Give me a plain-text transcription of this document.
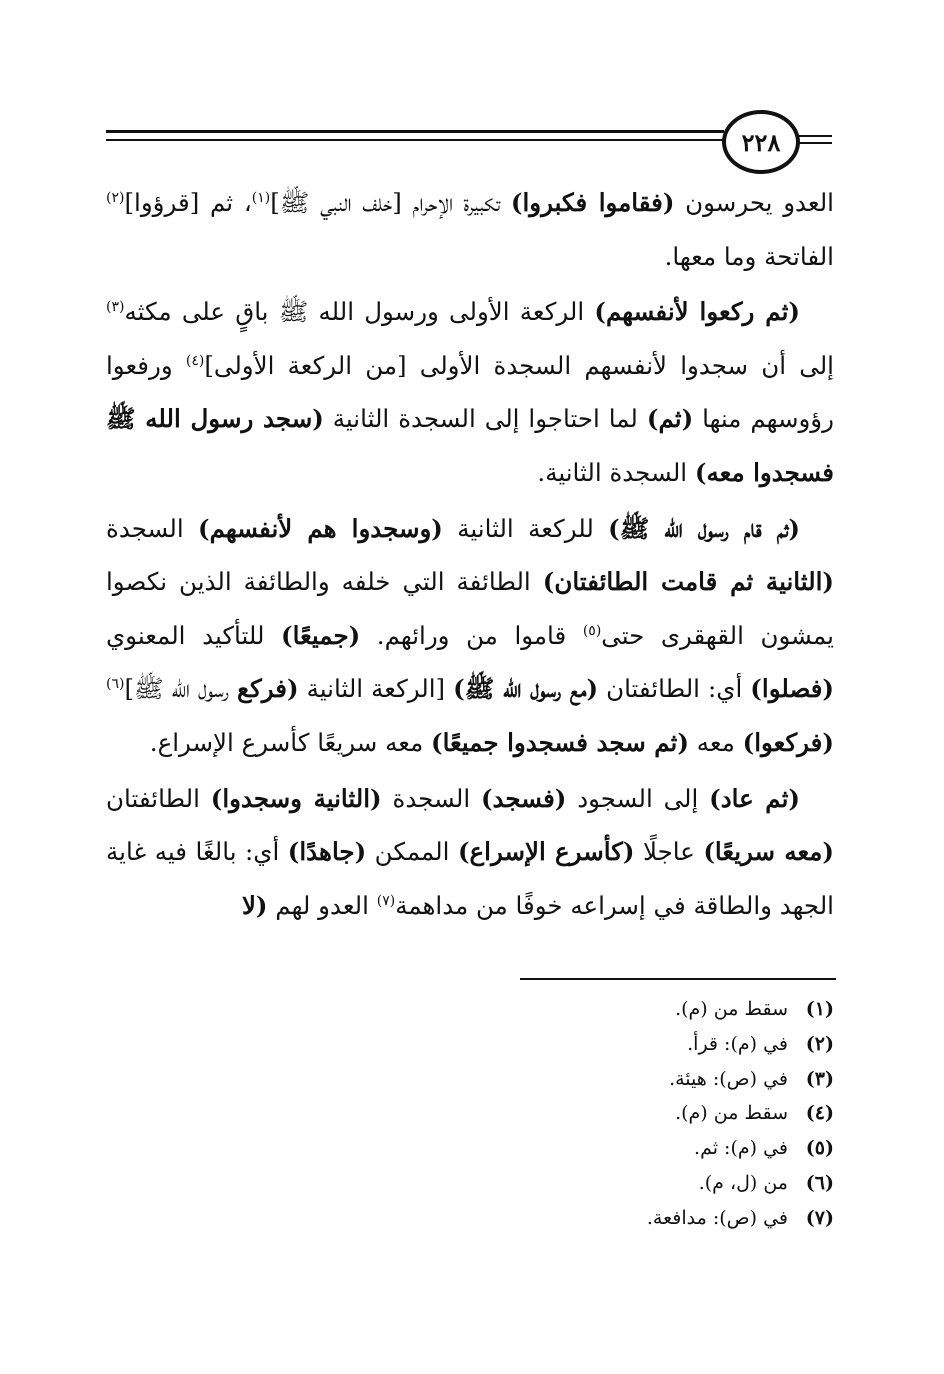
٢٢٨

العدو يحرسون (فقاموا فكبروا) تكبيرة الإحرام [خلف النبي ﷺ]$^{(١)}$، ثم [قرؤوا]$^{(٢)}$ الفاتحة وما معها.

(ثم ركعوا لأنفسهم) الركعة الأولى ورسول الله ﷺ باقٍ على مكثه$^{(٣)}$ إلى أن سجدوا لأنفسهم السجدة الأولى [من الركعة الأولى]$^{(٤)}$ ورفعوا رؤوسهم منها (ثم) لما احتاجوا إلى السجدة الثانية (سجد رسول الله ﷺ فسجدوا معه) السجدة الثانية.

(ثم قام رسول الله ﷺ) للركعة الثانية (وسجدوا هم لأنفسهم) السجدة (الثانية ثم قامت الطائفتان) الطائفة التي خلفه والطائفة الذين نكصوا يمشون القهقرى حتى$^{(٥)}$ قاموا من ورائهم. (جميعًا) للتأكيد المعنوي (فصلوا) أي: الطائفتان (مع رسول الله ﷺ) [الركعة الثانية (فركع رسول الله ﷺ]$^{(٦)}$ (فركعوا) معه (ثم سجد فسجدوا جميعًا) معه سريعًا كأسرع الإسراع.

(ثم عاد) إلى السجود (فسجد) السجدة (الثانية وسجدوا) الطائفتان (معه سريعًا) عاجلًا (كأسرع الإسراع) الممكن (جاهدًا) أي: بالغًا فيه غاية الجهد والطاقة في إسراعه خوفًا من مداهمة$^{(٧)}$ العدو لهم (لا

(١)
سقط من (م).
(٢)
في (م): قرأ.
(٣)
في (ص): هيئة.
(٤)
سقط من (م).
(٥)
في (م): ثم.
(٦)
من (ل، م).
(٧)
في (ص): مدافعة.
